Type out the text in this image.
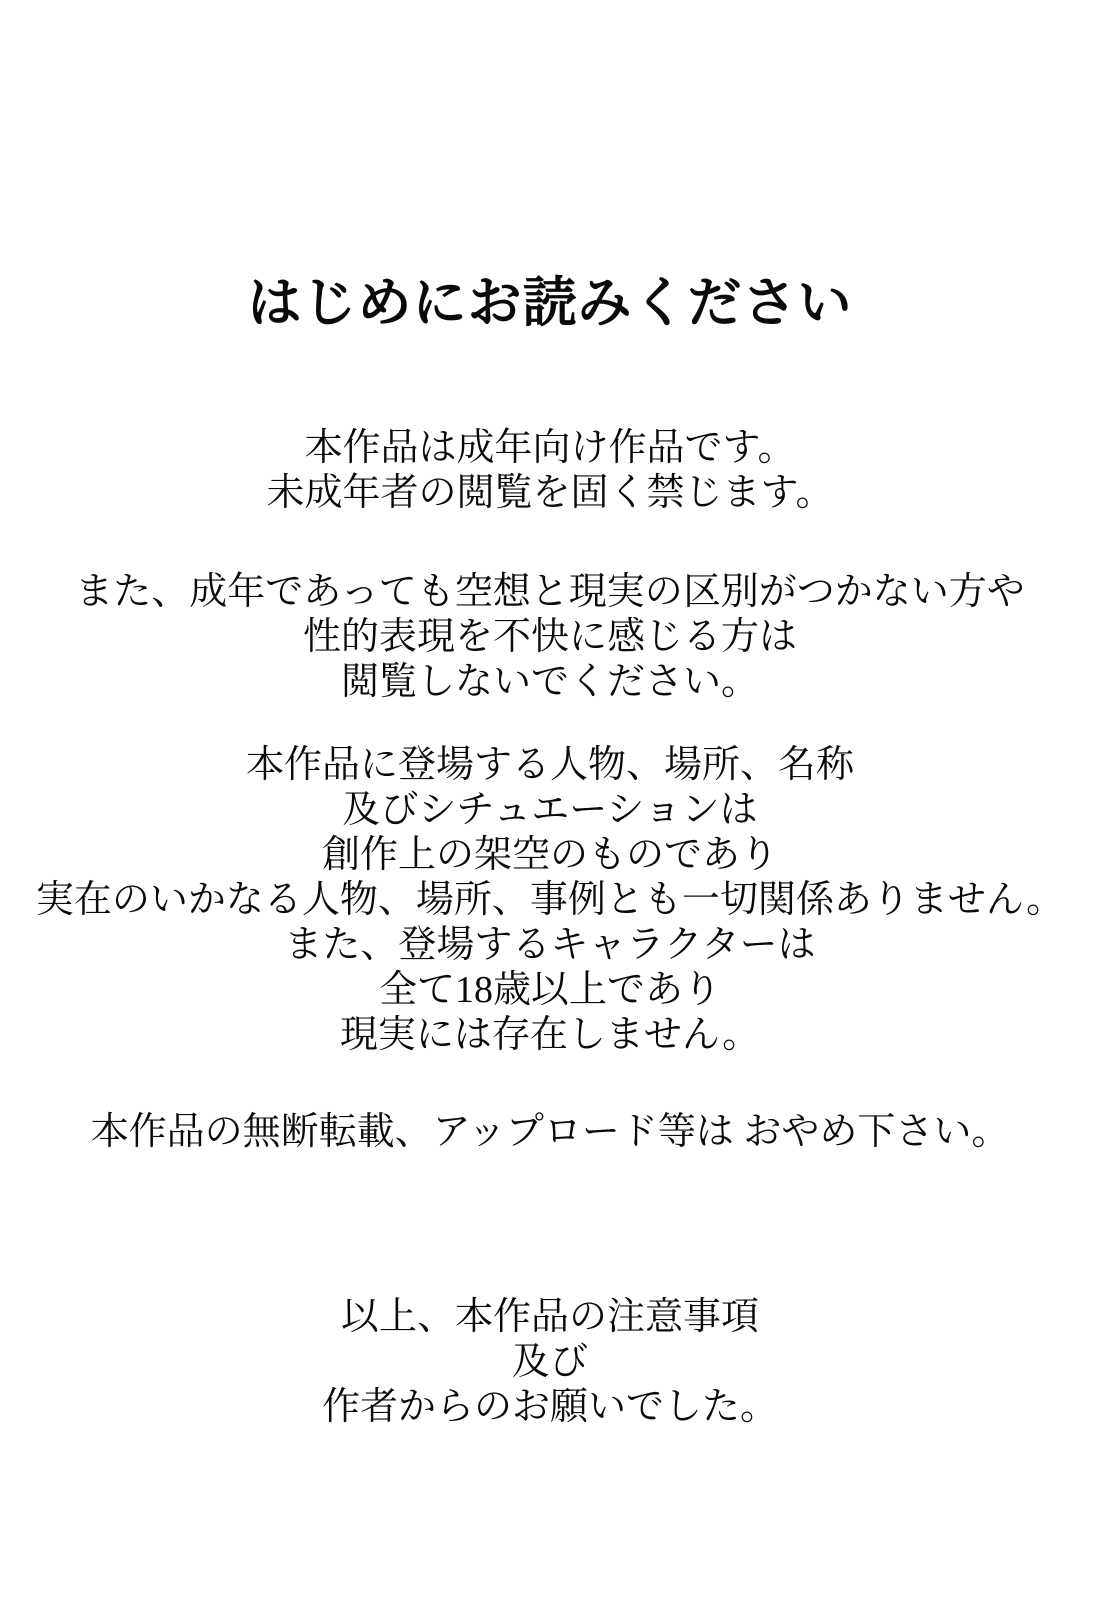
はじめにお読みください
本作品は成年向け作品です。
未成年者の閲覧を固く禁じます。
また、成年であっても空想と現実の区別がつかない方や
性的表現を不快に感じる方は
閲覧しないでください。
本作品に登場する人物、場所、名称
及びシチュエーションは
創作上の架空のものであり
実在のいかなる人物、場所、事例とも一切関係ありません。
また、登場するキャラクターは
全て18歳以上であり
現実には存在しません。
本作品の無断転載、アップロード等は おやめ下さい。
以上、本作品の注意事項
及び
作者からのお願いでした。
